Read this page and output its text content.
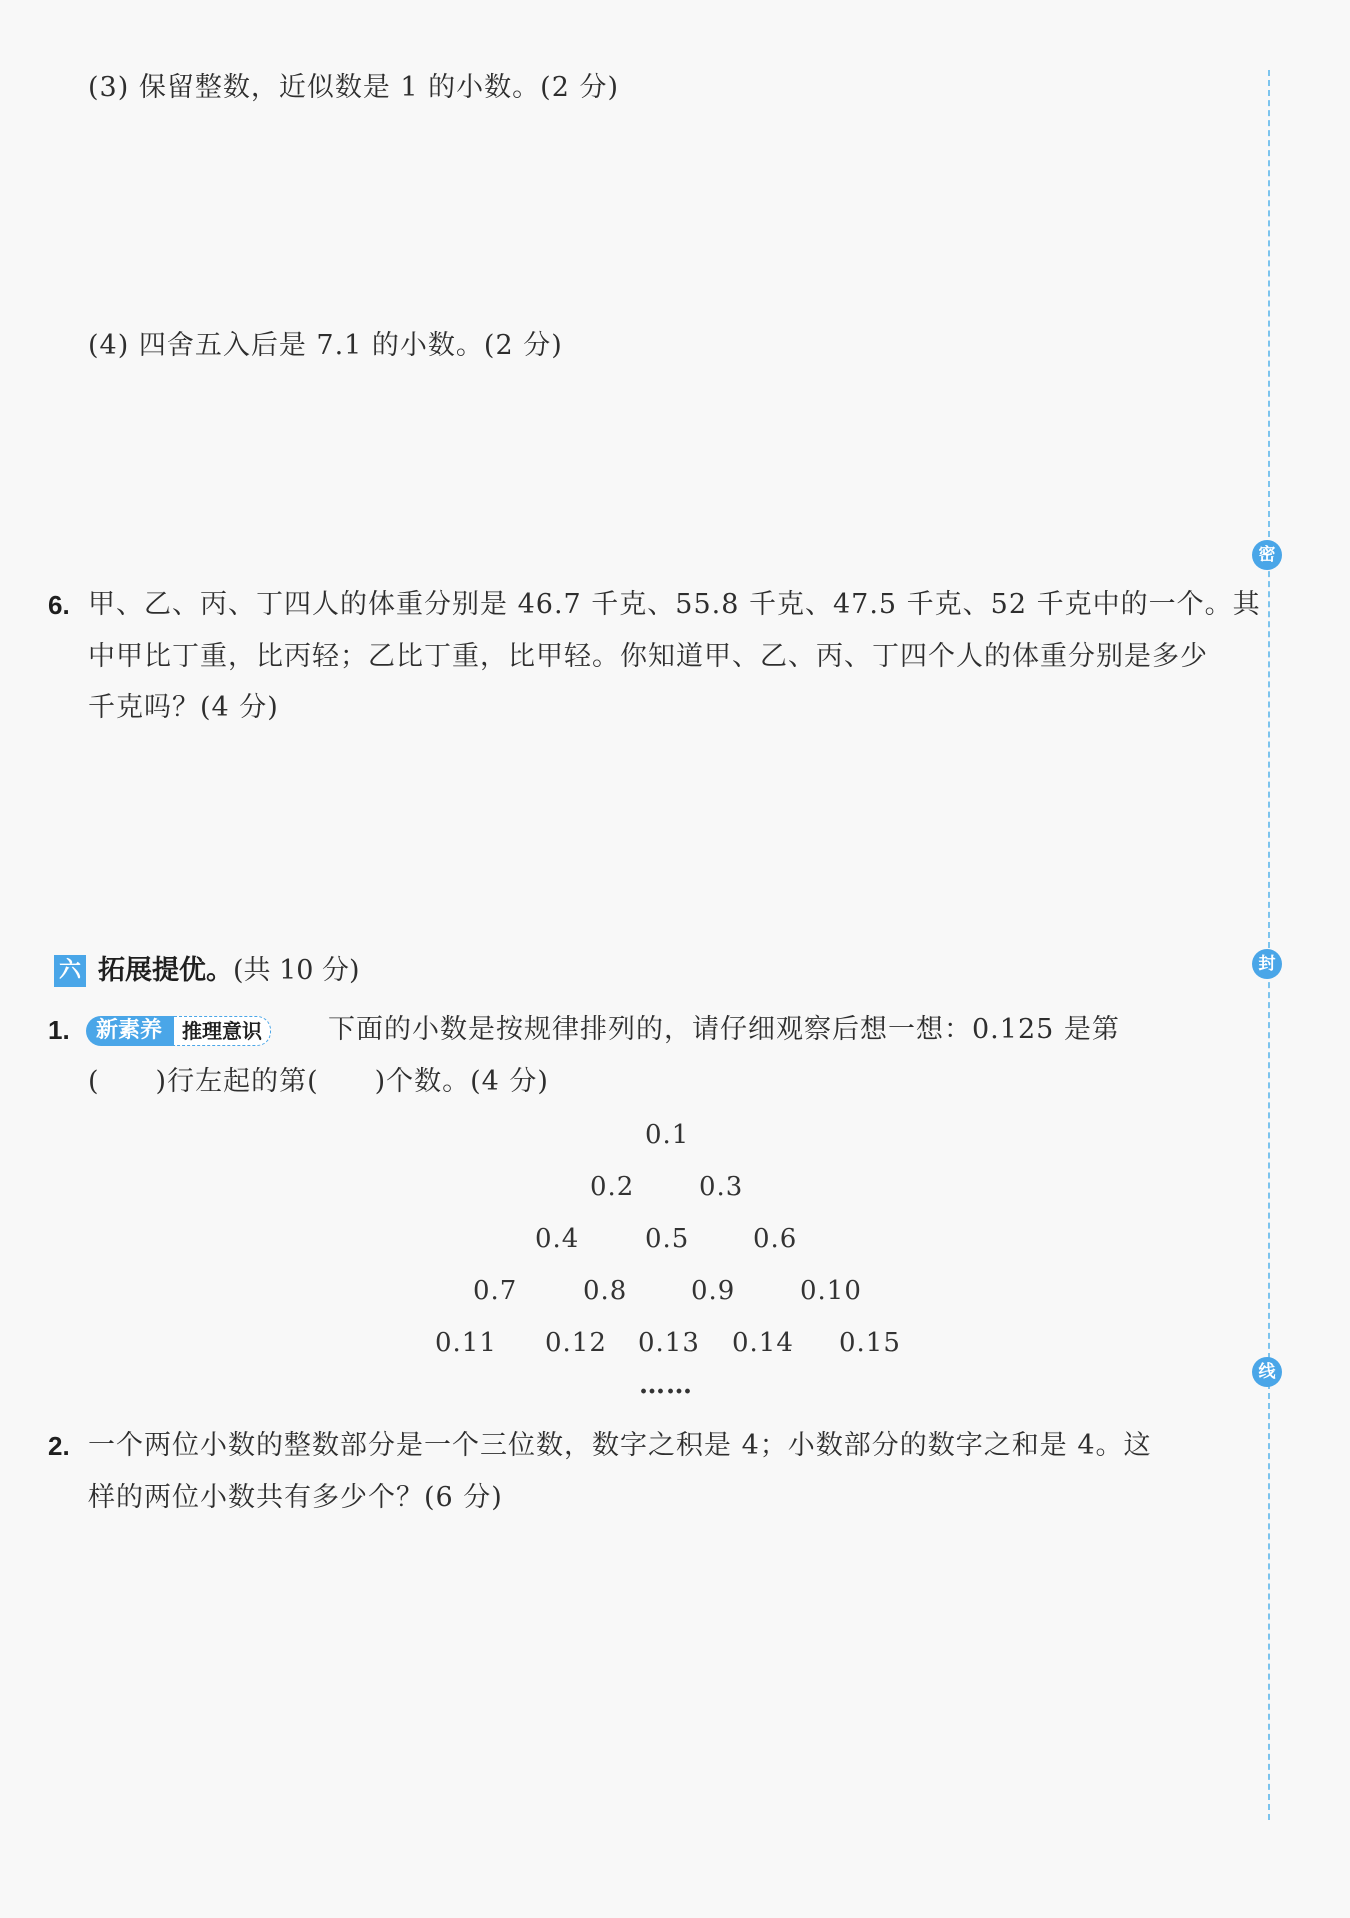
(3) 保留整数，近似数是 1 的小数。(2 分)
(4) 四舍五入后是 7.1 的小数。(2 分)
6. 甲、乙、丙、丁四人的体重分别是 46.7 千克、55.8 千克、47.5 千克、52 千克中的一个。其
中甲比丁重，比丙轻；乙比丁重，比甲轻。你知道甲、乙、丙、丁四个人的体重分别是多少
千克吗？(4 分)
六 拓展提优。(共 10 分)
1.	新素养	推理意识	下面的小数是按规律排列的，请仔细观察后想一想：0.125 是第
(　　)行左起的第(　　)个数。(4 分)
0.1
0.2 0.3
0.4	0.5 0.6
0.7	0.8 0.9 0.10
0.11 0.12 0.13 0.14 0.15
……
2. 一个两位小数的整数部分是一个三位数，数字之积是 4；小数部分的数字之和是 4。这
样的两位小数共有多少个？(6 分)
密
封
线
